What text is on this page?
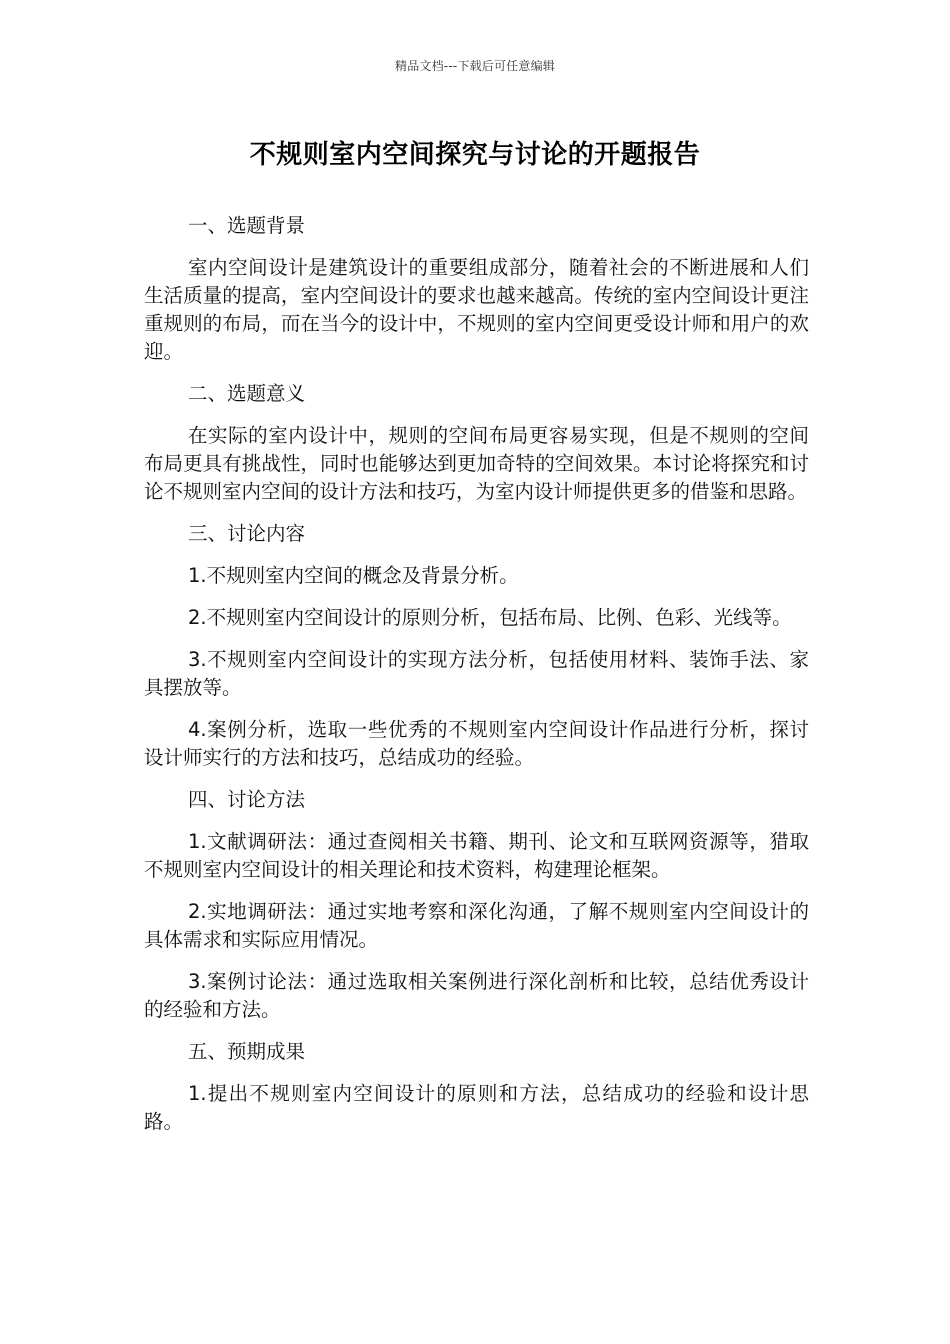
精品文档---下载后可任意编辑
不规则室内空间探究与讨论的开题报告

一、选题背景

室内空间设计是建筑设计的重要组成部分，随着社会的不断进展和人们生活质量的提高，室内空间设计的要求也越来越高。传统的室内空间设计更注重规则的布局，而在当今的设计中，不规则的室内空间更受设计师和用户的欢迎。

二、选题意义

在实际的室内设计中，规则的空间布局更容易实现，但是不规则的空间布局更具有挑战性，同时也能够达到更加奇特的空间效果。本讨论将探究和讨论不规则室内空间的设计方法和技巧，为室内设计师提供更多的借鉴和思路。

三、讨论内容

1.不规则室内空间的概念及背景分析。

2.不规则室内空间设计的原则分析，包括布局、比例、色彩、光线等。

3.不规则室内空间设计的实现方法分析，包括使用材料、装饰手法、家具摆放等。

4.案例分析，选取一些优秀的不规则室内空间设计作品进行分析，探讨设计师实行的方法和技巧，总结成功的经验。

四、讨论方法

1.文献调研法：通过查阅相关书籍、期刊、论文和互联网资源等，猎取不规则室内空间设计的相关理论和技术资料，构建理论框架。

2.实地调研法：通过实地考察和深化沟通，了解不规则室内空间设计的具体需求和实际应用情况。

3.案例讨论法：通过选取相关案例进行深化剖析和比较，总结优秀设计的经验和方法。

五、预期成果

1.提出不规则室内空间设计的原则和方法，总结成功的经验和设计思路。
